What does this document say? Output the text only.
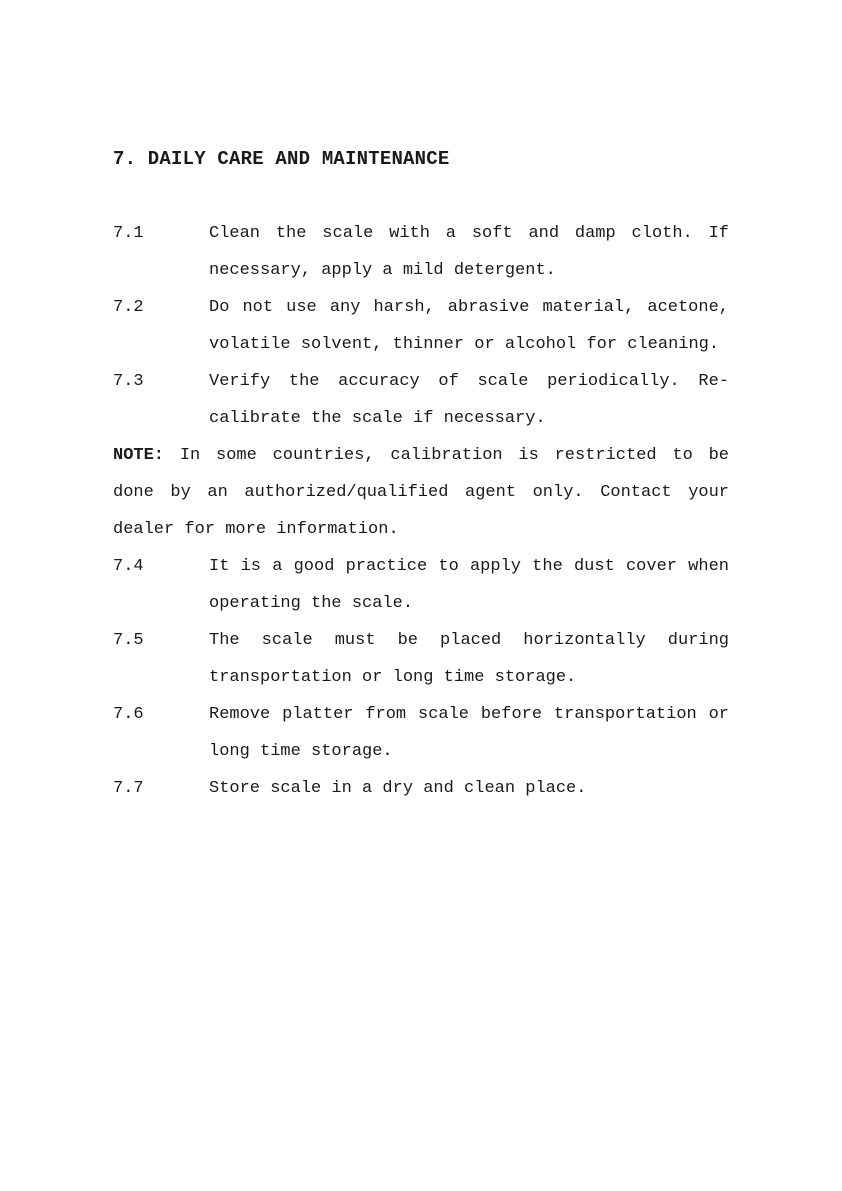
7. DAILY CARE AND MAINTENANCE
7.1	Clean the scale with a soft and damp cloth. If necessary, apply a mild detergent.
7.2	Do not use any harsh, abrasive material, acetone, volatile solvent, thinner or alcohol for cleaning.
7.3	Verify the accuracy of scale periodically. Re-calibrate the scale if necessary.
NOTE: In some countries, calibration is restricted to be done by an authorized/qualified agent only. Contact your dealer for more information.
7.4	It is a good practice to apply the dust cover when operating the scale.
7.5	The scale must be placed horizontally during transportation or long time storage.
7.6	Remove platter from scale before transportation or long time storage.
7.7	Store scale in a dry and clean place.
